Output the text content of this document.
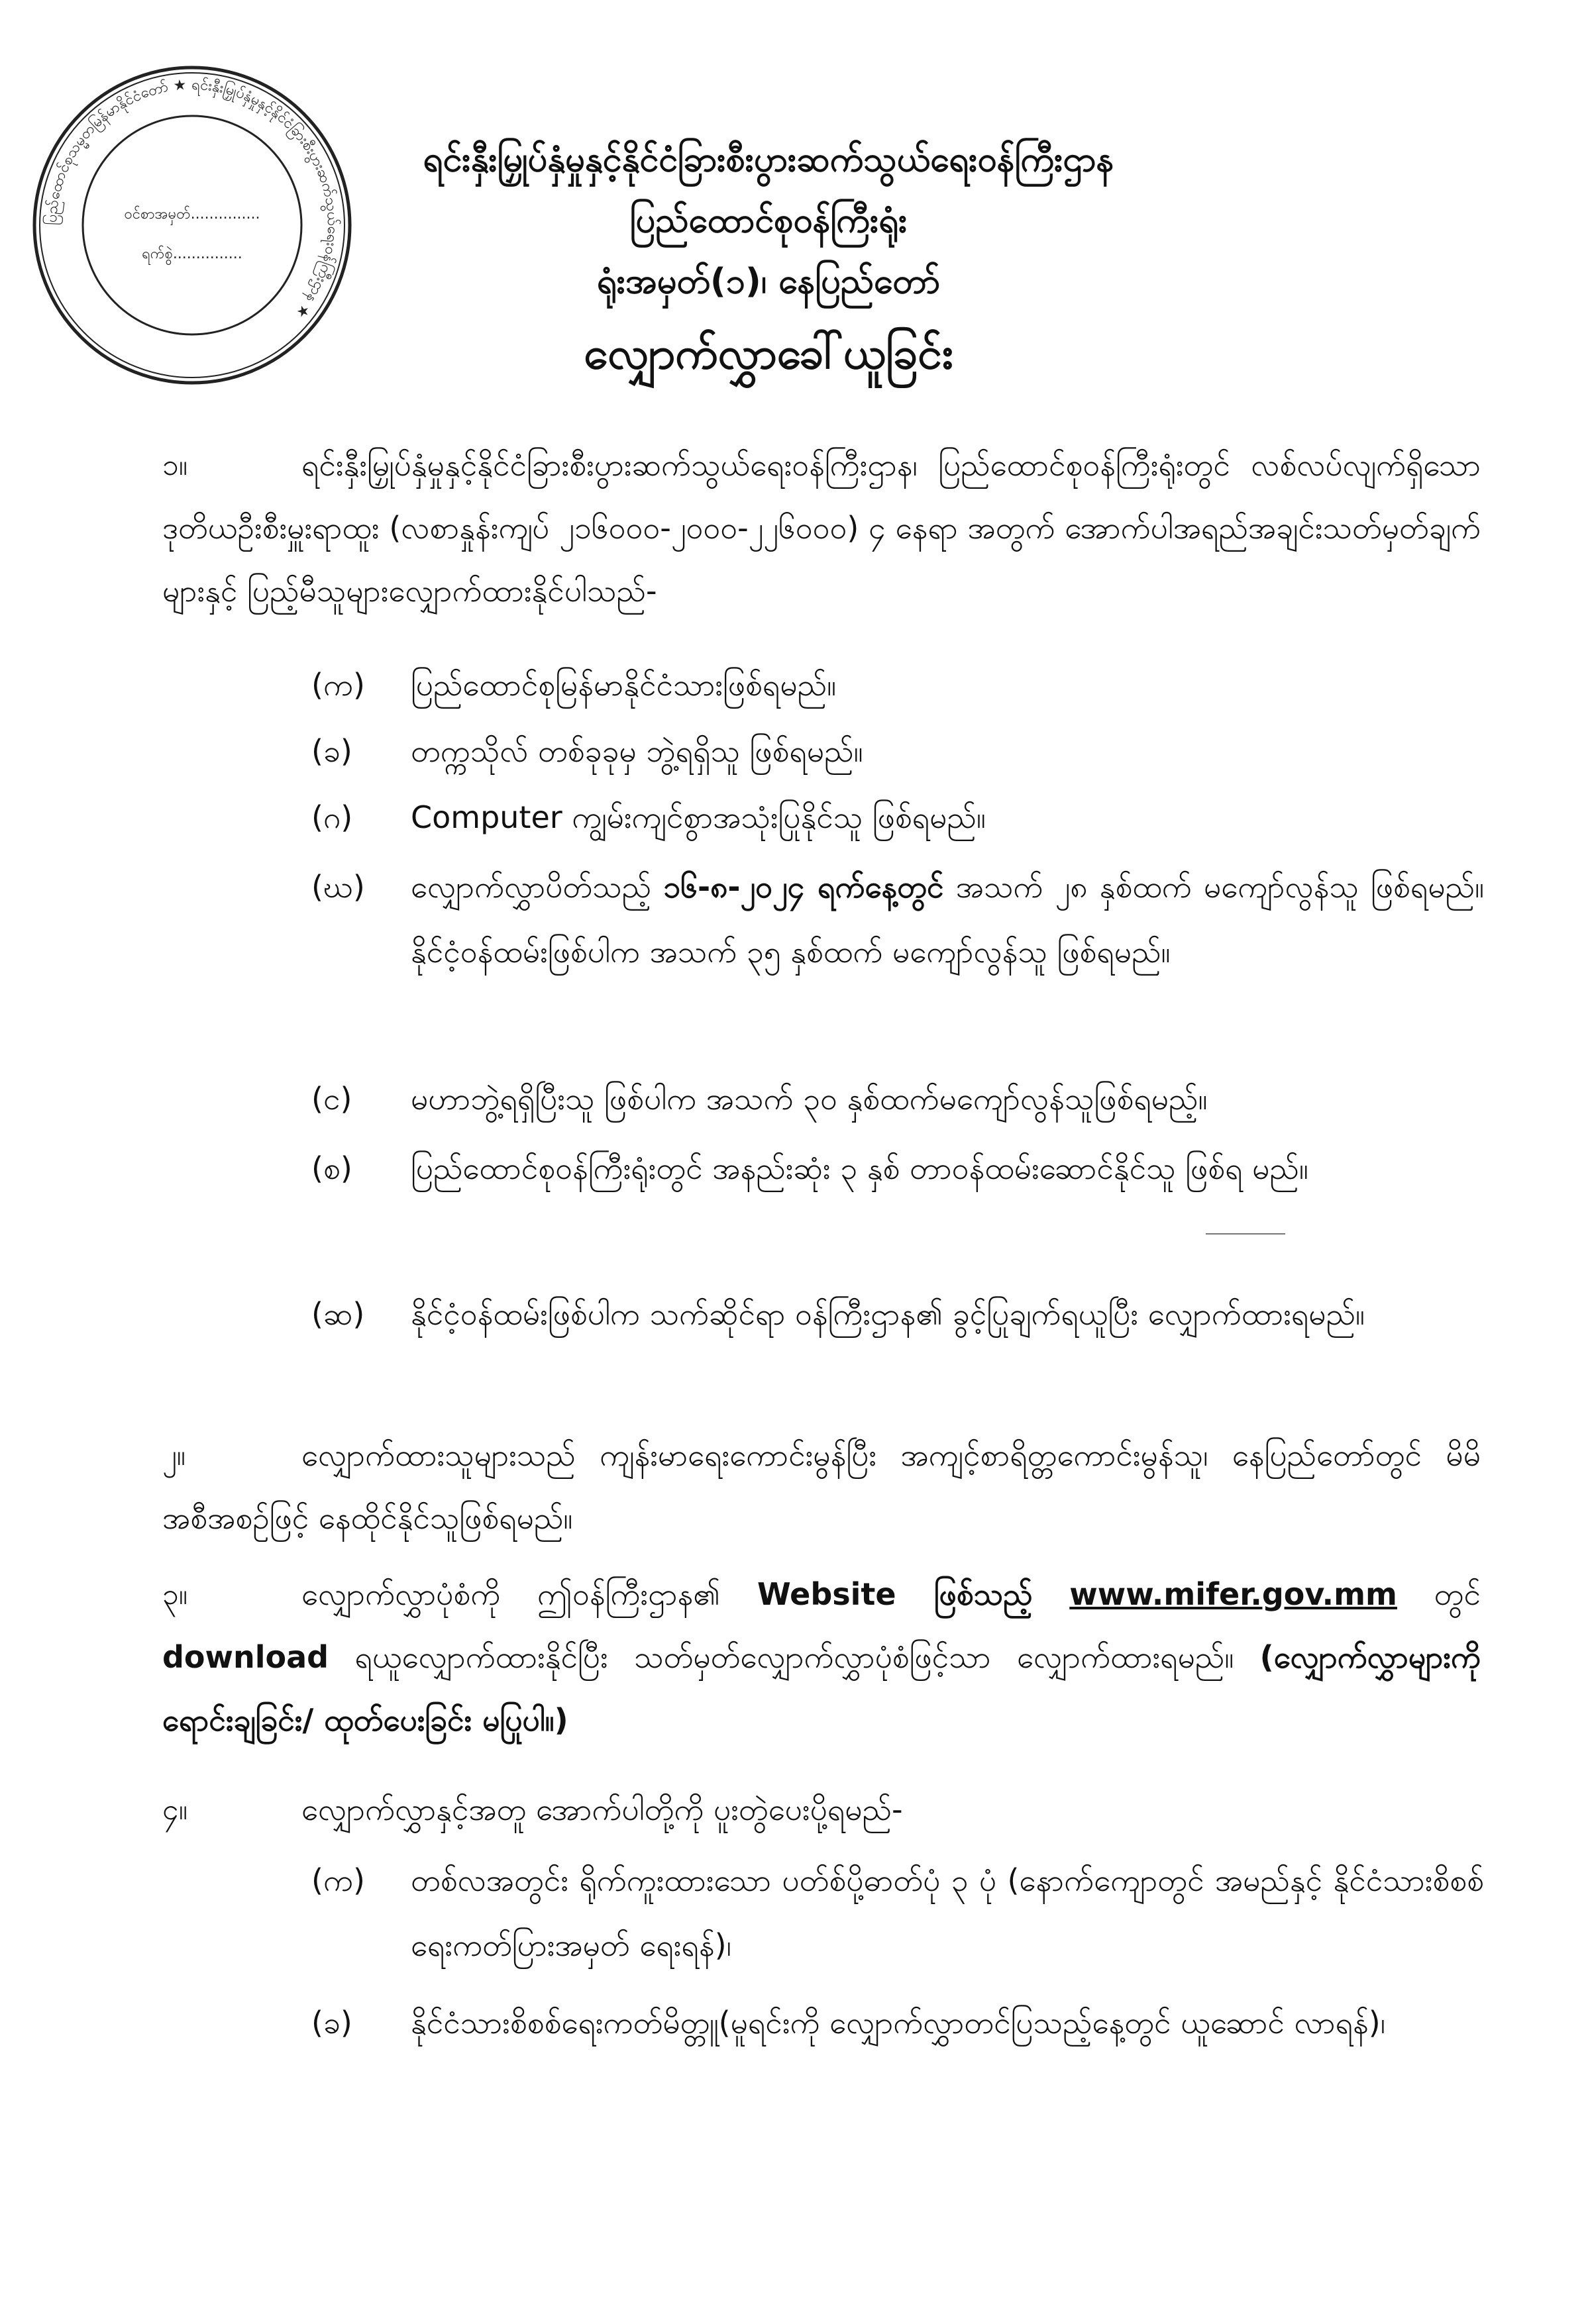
ပြည်ထောင်စုသမ္မတမြန်မာနိုင်ငံတော် ★ ရင်းနှီးမြှုပ်နှံမှုနှင့်နိုင်ငံခြားစီးပွားဆက်သွယ်ရေးဝန်ကြီးဌာန ★
ဝင်စာအမှတ်...............
ရက်စွဲ...............
ရင်းနှီးမြှုပ်နှံမှုနှင့်နိုင်ငံခြားစီးပွားဆက်သွယ်ရေးဝန်ကြီးဌာန
ပြည်ထောင်စုဝန်ကြီးရုံး
ရုံးအမှတ်(၁)၊ နေပြည်တော်
လျှောက်လွှာခေါ်ယူခြင်း
၁။	ရင်းနှီးမြှုပ်နှံမှုနှင့်နိုင်ငံခြားစီးပွားဆက်သွယ်ရေးဝန်ကြီးဌာန၊ ပြည်ထောင်စုဝန်ကြီးရုံးတွင် လစ်လပ်လျက်ရှိသော ဒုတိယဦးစီးမှူးရာထူး (လစာနှုန်းကျပ် ၂၁၆၀၀၀-၂၀၀၀-၂၂၆၀၀၀) ၄ နေရာ အတွက် အောက်ပါအရည်အချင်းသတ်မှတ်ချက်များနှင့် ပြည့်မီသူများလျှောက်ထားနိုင်ပါသည်-
(က)	ပြည်ထောင်စုမြန်မာနိုင်ငံသားဖြစ်ရမည်။
(ခ)	တက္ကသိုလ် တစ်ခုခုမှ ဘွဲ့ရရှိသူ ဖြစ်ရမည်။
(ဂ)	Computer ကျွမ်းကျင်စွာအသုံးပြုနိုင်သူ ဖြစ်ရမည်။
(ဃ)	လျှောက်လွှာပိတ်သည့် ၁၆-၈-၂၀၂၄ ရက်နေ့တွင် အသက် ၂၈ နှစ်ထက် မကျော်လွန်သူ ဖြစ်ရမည်။ နိုင်ငံ့ဝန်ထမ်းဖြစ်ပါက အသက် ၃၅ နှစ်ထက် မကျော်လွန်သူ ဖြစ်ရမည်။
(င)	မဟာဘွဲ့ရရှိပြီးသူ ဖြစ်ပါက အသက် ၃၀ နှစ်ထက်မကျော်လွန်သူဖြစ်ရမည့်။
(စ)	ပြည်ထောင်စုဝန်ကြီးရုံးတွင် အနည်းဆုံး ၃ နှစ် တာဝန်ထမ်းဆောင်နိုင်သူ ဖြစ်ရ မည်။
(ဆ)	နိုင်ငံ့ဝန်ထမ်းဖြစ်ပါက သက်ဆိုင်ရာ ဝန်ကြီးဌာန၏ ခွင့်ပြုချက်ရယူပြီး လျှောက်ထားရမည်။
၂။	လျှောက်ထားသူများသည် ကျန်းမာရေးကောင်းမွန်ပြီး အကျင့်စာရိတ္တကောင်းမွန်သူ၊ နေပြည်တော်တွင် မိမိအစီအစဉ်ဖြင့် နေထိုင်နိုင်သူဖြစ်ရမည်။
၃။	လျှောက်လွှာပုံစံကို ဤဝန်ကြီးဌာန၏ Website ဖြစ်သည့် www.mifer.gov.mm တွင် download ရယူလျှောက်ထားနိုင်ပြီး သတ်မှတ်လျှောက်လွှာပုံစံဖြင့်သာ လျှောက်ထားရမည်။ (လျှောက်လွှာများကို ရောင်းချခြင်း/ ထုတ်ပေးခြင်း မပြုပါ။)
၄။	လျှောက်လွှာနှင့်အတူ အောက်ပါတို့ကို ပူးတွဲပေးပို့ရမည်-
(က)	တစ်လအတွင်း ရိုက်ကူးထားသော ပတ်စ်ပို့ဓာတ်ပုံ ၃ ပုံ (နောက်ကျောတွင် အမည်နှင့် နိုင်ငံသားစိစစ်ရေးကတ်ပြားအမှတ် ရေးရန်)၊
(ခ)	နိုင်ငံသားစိစစ်ရေးကတ်မိတ္တူ(မူရင်းကို လျှောက်လွှာတင်ပြသည့်နေ့တွင် ယူဆောင် လာရန်)၊
